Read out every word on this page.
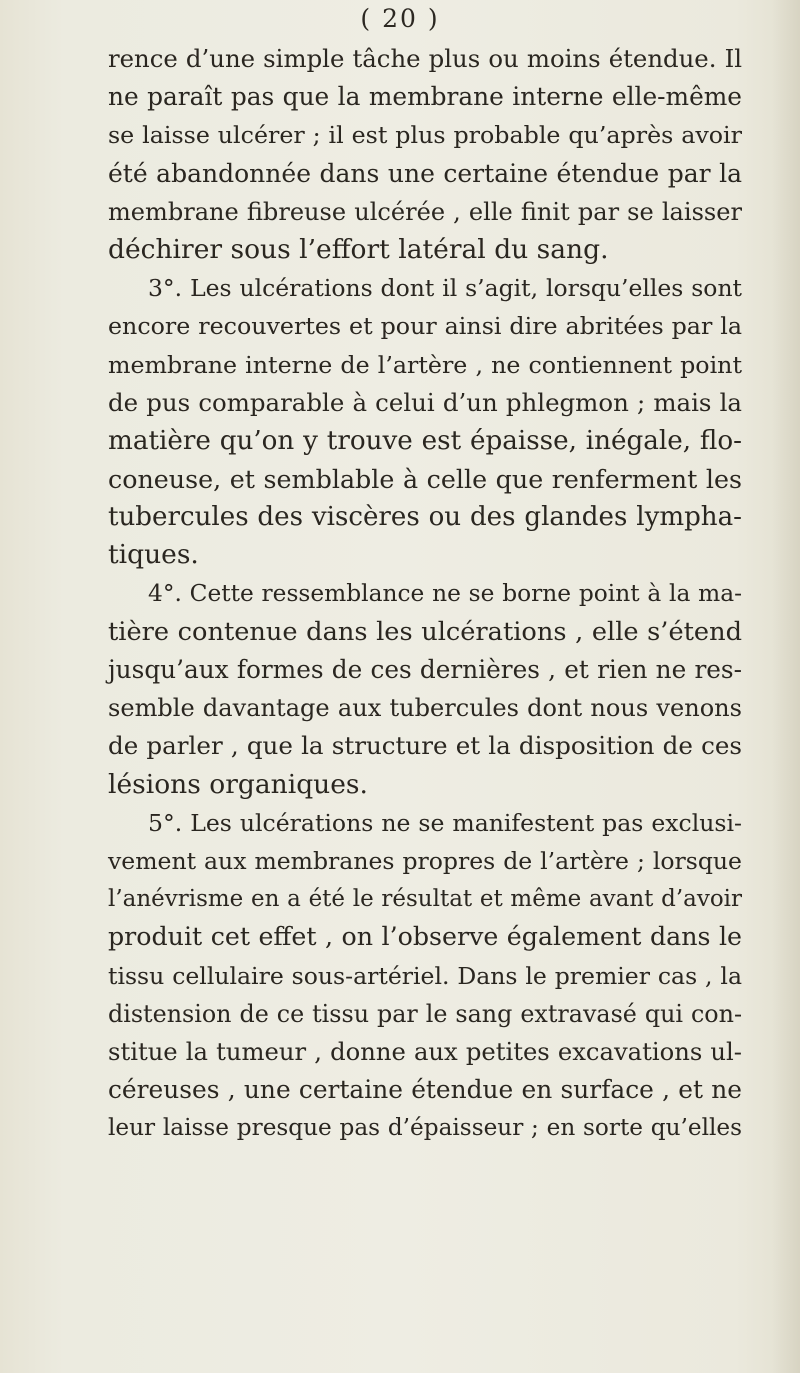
( 20 )
rence d’une simple tâche plus ou moins étendue. Il
ne paraît pas que la membrane interne elle-même
se laisse ulcérer ; il est plus probable qu’après avoir
été abandonnée dans une certaine étendue par la
membrane fibreuse ulcérée , elle finit par se laisser
déchirer sous l’effort latéral du sang.
3°. Les ulcérations dont il s’agit, lorsqu’elles sont
encore recouvertes et pour ainsi dire abritées par la
membrane interne de l’artère , ne contiennent point
de pus comparable à celui d’un phlegmon ; mais la
matière qu’on y trouve est épaisse, inégale, flo-
coneuse, et semblable à celle que renferment les
tubercules des viscères ou des glandes lympha-
tiques.
4°. Cette ressemblance ne se borne point à la ma-
tière contenue dans les ulcérations , elle s’étend
jusqu’aux formes de ces dernières , et rien ne res-
semble davantage aux tubercules dont nous venons
de parler , que la structure et la disposition de ces
lésions organiques.
5°. Les ulcérations ne se manifestent pas exclusi-
vement aux membranes propres de l’artère ; lorsque
l’anévrisme en a été le résultat et même avant d’avoir
produit cet effet , on l’observe également dans le
tissu cellulaire sous-artériel. Dans le premier cas , la
distension de ce tissu par le sang extravasé qui con-
stitue la tumeur , donne aux petites excavations ul-
céreuses , une certaine étendue en surface , et ne
leur laisse presque pas d’épaisseur ; en sorte qu’elles
